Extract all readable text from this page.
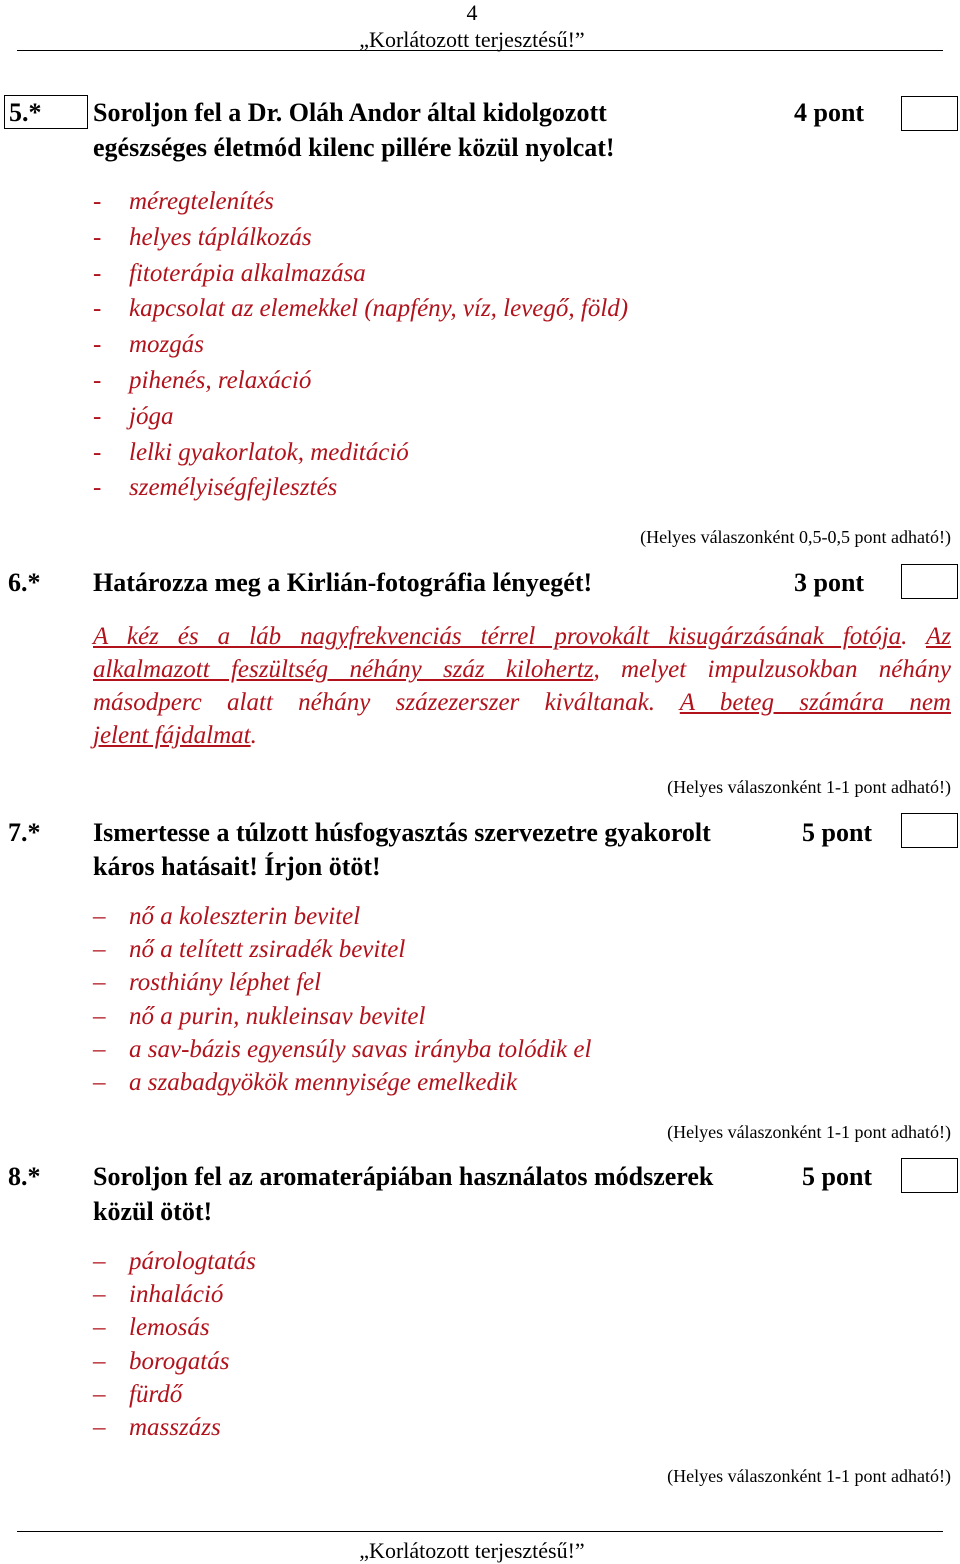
4
„Korlátozott terjesztésű!”
5.*	Soroljon fel a Dr. Oláh Andor által kidolgozott
egészséges életmód kilenc pillére közül nyolcat!
4 pont
- méregtelenítés
- helyes táplálkozás
- fitoterápia alkalmazása
- kapcsolat az elemekkel (napfény, víz, levegő, föld)
- mozgás
- pihenés, relaxáció
- jóga
- lelki gyakorlatok, meditáció
- személyiségfejlesztés
(Helyes válaszonként 0,5-0,5 pont adható!)
6.* Határozza meg a Kirlián-fotográfia lényegét!	3 pont
A kéz és a láb nagyfrekvenciás térrel provokált kisugárzásának fotója. Az
alkalmazott feszültség néhány száz kilohertz, melyet impulzusokban néhány
másodperc alatt néhány százezerszer kiváltanak. A beteg számára nem
jelent fájdalmat.
(Helyes válaszonként 1-1 pont adható!)
7.* Ismertesse a túlzott húsfogyasztás szervezetre gyakorolt
káros hatásait! Írjon ötöt!
5 pont
– nő a koleszterin bevitel
– nő a telített zsiradék bevitel
– rosthiány léphet fel
– nő a purin, nukleinsav bevitel
– a sav-bázis egyensúly savas irányba tolódik el
– a szabadgyökök mennyisége emelkedik
(Helyes válaszonként 1-1 pont adható!)
8.* Soroljon fel az aromaterápiában használatos módszerek
közül ötöt!
5 pont
– párologtatás
– inhaláció
– lemosás
– borogatás
– fürdő
– masszázs
(Helyes válaszonként 1-1 pont adható!)
„Korlátozott terjesztésű!”
